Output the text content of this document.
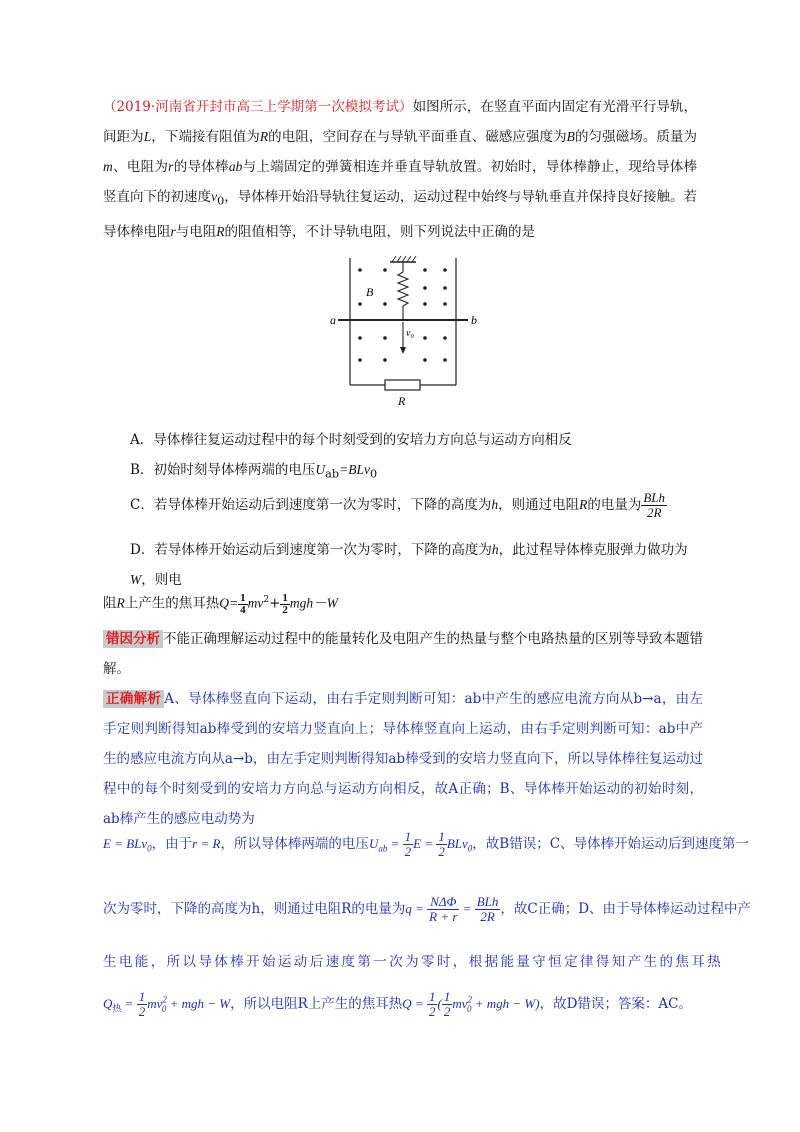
（2019·河南省开封市高三上学期第一次模拟考试）如图所示，在竖直平面内固定有光滑平行导轨，间距为L，下端接有阻值为R的电阻，空间存在与导轨平面垂直、磁感应强度为B的匀强磁场。质量为m、电阻为r的导体棒ab与上端固定的弹簧相连并垂直导轨放置。初始时，导体棒静止，现给导体棒竖直向下的初速度$v_0$，导体棒开始沿导轨往复运动，运动过程中始终与导轨垂直并保持良好接触。若导体棒电阻r与电阻R的阻值相等，不计导轨电阻，则下列说法中正确的是
a	b
B
v₀
R
A．导体棒往复运动过程中的每个时刻受到的安培力方向总与运动方向相反
B．初始时刻导体棒两端的电压$U_{ab}=BLv_0$
C．若导体棒开始运动后到速度第一次为零时，下降的高度为h，则通过电阻R的电量为 $\frac{\text{BLh}}{2R}$
D．若导体棒开始运动后到速度第一次为零时，下降的高度为h，此过程导体棒克服弹力做功为W，则电
阻R上产生的焦耳热$Q= \frac{1}{4} mv^2+ \frac{1}{2} mgh-W$
错因分析 不能正确理解运动过程中的能量转化及电阻产生的热量与整个电路热量的区别等导致本题错解。
正确解析 A、导体棒竖直向下运动，由右手定则判断可知：ab中产生的感应电流方向从b→a，由左手定则判断得知ab棒受到的安培力竖直向上；导体棒竖直向上运动，由右手定则判断可知：ab中产生的感应电流方向从a→b，由左手定则判断得知ab棒受到的安培力竖直向下，所以导体棒往复运动过程中的每个时刻受到的安培力方向总与运动方向相反，故A正确；B、导体棒开始运动的初始时刻，ab棒产生的感应电动势为
E = BLv$_0$，由于r = R，所以导体棒两端的电压$U_{ab} = \frac{1}{2}$ $E = \frac{1}{2} BLv_0$，故B错误；C、导体棒开始运动后到速度第一
次为零时，下降的高度为h，则通过电阻R的电量为$q = \frac{\text{NΔΦ}}{R + r} = \frac{\text{BLh}}{2R}$ ，故C正确；D、由于导体棒运动过程中产
生电能，所以导体棒开始运动后速度第一次为零时，根据能量守恒定律得知产生的焦耳热
$Q_热 = \frac{1}{2} mv^2_0$ + mgh − W，所以电阻R上产生的焦耳热$Q = \frac{1}{2}$ ( $\frac{1}{2} mv^2_0$ + mgh − W)，故D错误；答案：AC。
